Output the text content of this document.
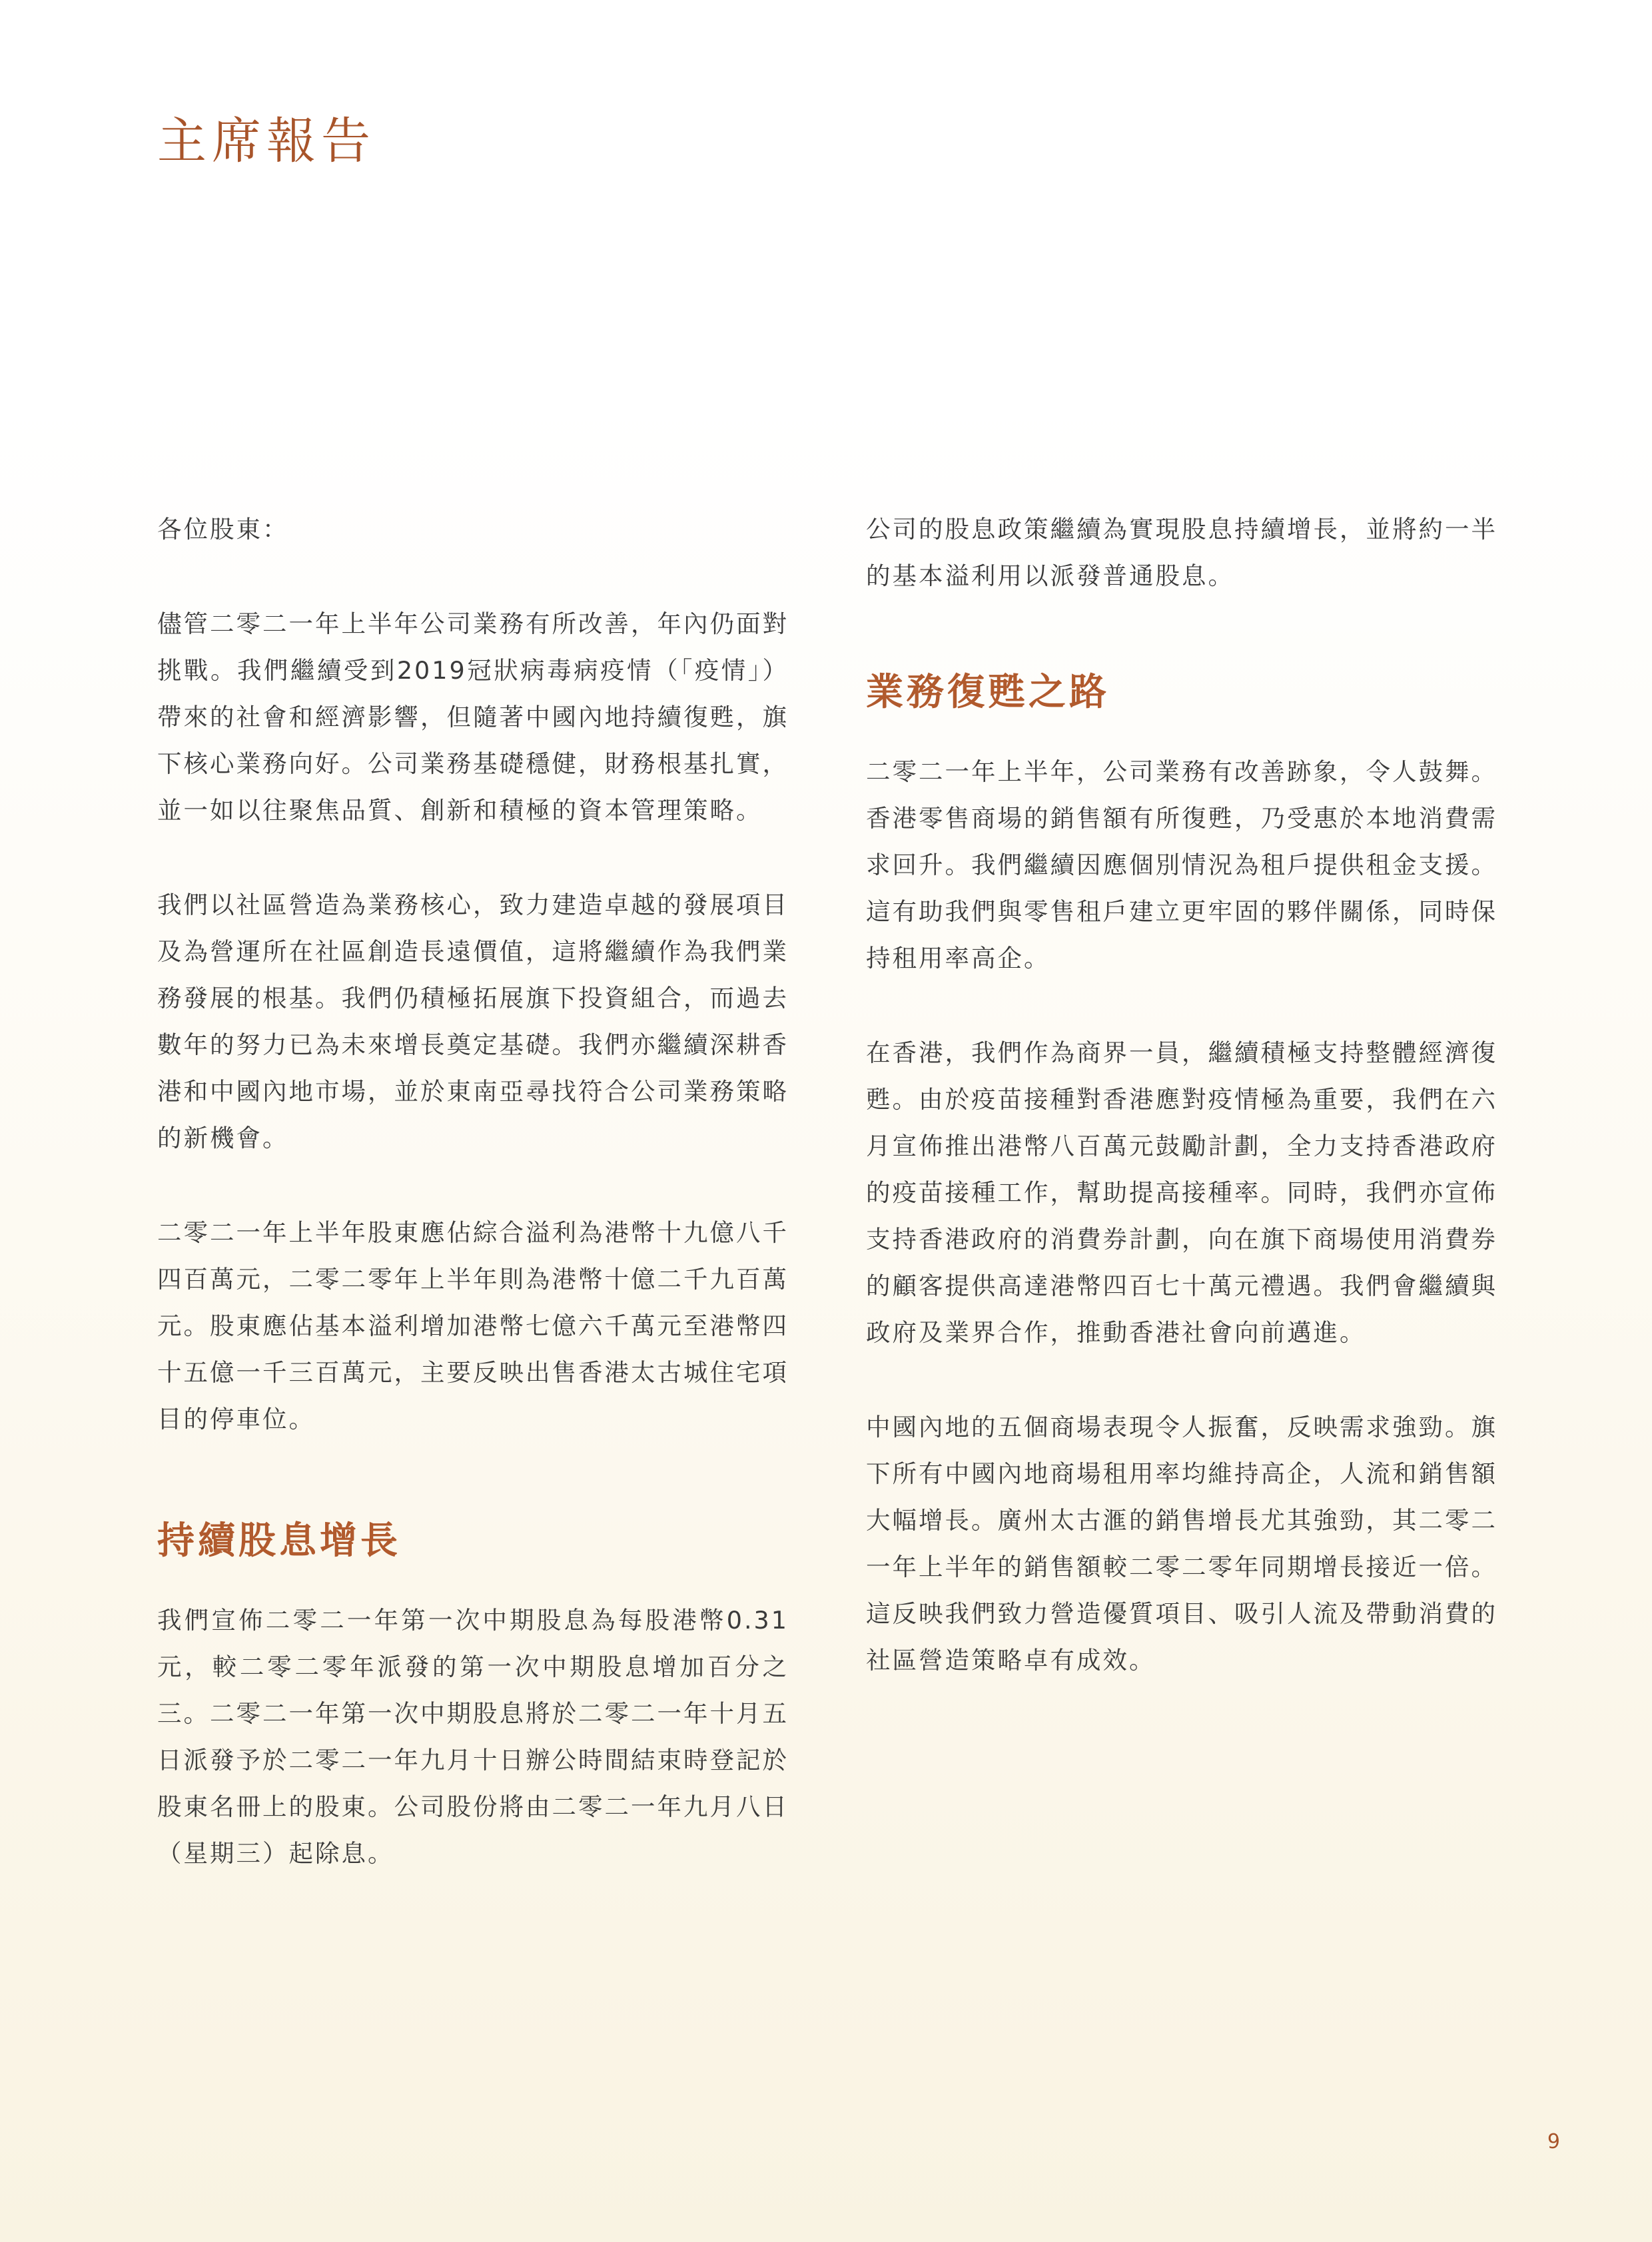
主席報告

各位股東：

儘管二零二一年上半年公司業務有所改善，年內仍面對挑戰。我們繼續受到2019冠狀病毒病疫情（「疫情」）帶來的社會和經濟影響，但隨著中國內地持續復甦，旗下核心業務向好。公司業務基礎穩健，財務根基扎實，並一如以往聚焦品質、創新和積極的資本管理策略。

我們以社區營造為業務核心，致力建造卓越的發展項目及為營運所在社區創造長遠價值，這將繼續作為我們業務發展的根基。我們仍積極拓展旗下投資組合，而過去數年的努力已為未來增長奠定基礎。我們亦繼續深耕香港和中國內地市場，並於東南亞尋找符合公司業務策略的新機會。

二零二一年上半年股東應佔綜合溢利為港幣十九億八千四百萬元，二零二零年上半年則為港幣十億二千九百萬元。股東應佔基本溢利增加港幣七億六千萬元至港幣四十五億一千三百萬元，主要反映出售香港太古城住宅項目的停車位。

持續股息增長

我們宣佈二零二一年第一次中期股息為每股港幣0.31元，較二零二零年派發的第一次中期股息增加百分之三。二零二一年第一次中期股息將於二零二一年十月五日派發予於二零二一年九月十日辦公時間結束時登記於股東名冊上的股東。公司股份將由二零二一年九月八日（星期三）起除息。

公司的股息政策繼續為實現股息持續增長，並將約一半的基本溢利用以派發普通股息。

業務復甦之路

二零二一年上半年，公司業務有改善跡象，令人鼓舞。香港零售商場的銷售額有所復甦，乃受惠於本地消費需求回升。我們繼續因應個別情況為租戶提供租金支援。這有助我們與零售租戶建立更牢固的夥伴關係，同時保持租用率高企。

在香港，我們作為商界一員，繼續積極支持整體經濟復甦。由於疫苗接種對香港應對疫情極為重要，我們在六月宣佈推出港幣八百萬元鼓勵計劃，全力支持香港政府的疫苗接種工作，幫助提高接種率。同時，我們亦宣佈支持香港政府的消費券計劃，向在旗下商場使用消費券的顧客提供高達港幣四百七十萬元禮遇。我們會繼續與政府及業界合作，推動香港社會向前邁進。

中國內地的五個商場表現令人振奮，反映需求強勁。旗下所有中國內地商場租用率均維持高企，人流和銷售額大幅增長。廣州太古滙的銷售增長尤其強勁，其二零二一年上半年的銷售額較二零二零年同期增長接近一倍。這反映我們致力營造優質項目、吸引人流及帶動消費的社區營造策略卓有成效。

9
